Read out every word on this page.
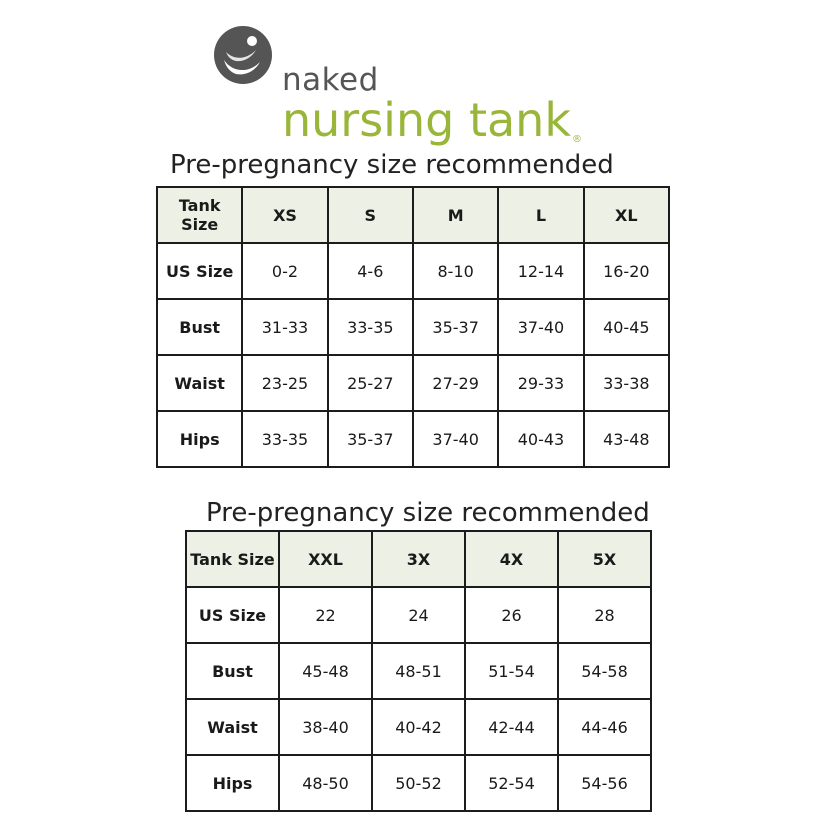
naked
nursing tank®
Pre-pregnancy size recommended
Tank Size	XS	S	M	L	XL
US Size	0-2	4-6	8-10	12-14	16-20
Bust	31-33	33-35	35-37	37-40	40-45
Waist	23-25	25-27	27-29	29-33	33-38
Hips	33-35	35-37	37-40	40-43	43-48
Pre-pregnancy size recommended
Tank Size	XXL	3X	4X	5X
US Size	22	24	26	28
Bust	45-48	48-51	51-54	54-58
Waist	38-40	40-42	42-44	44-46
Hips	48-50	50-52	52-54	54-56
